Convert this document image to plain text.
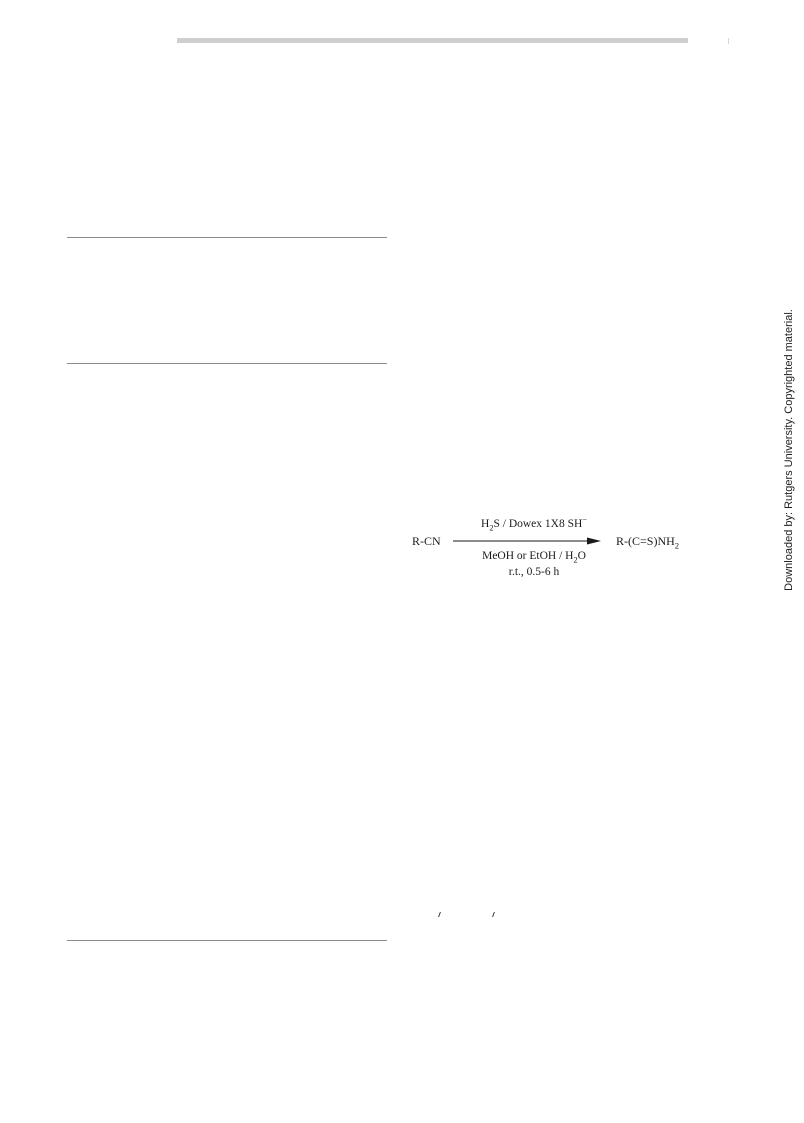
R-CN
$H_2S$ / Dowex 1X8 SH−
MeOH or EtOH / $H_2O$
r.t., 0.5-6 h
$R-(C=S)NH_2$	Downloaded by: Rutgers University. Copyrighted material.
